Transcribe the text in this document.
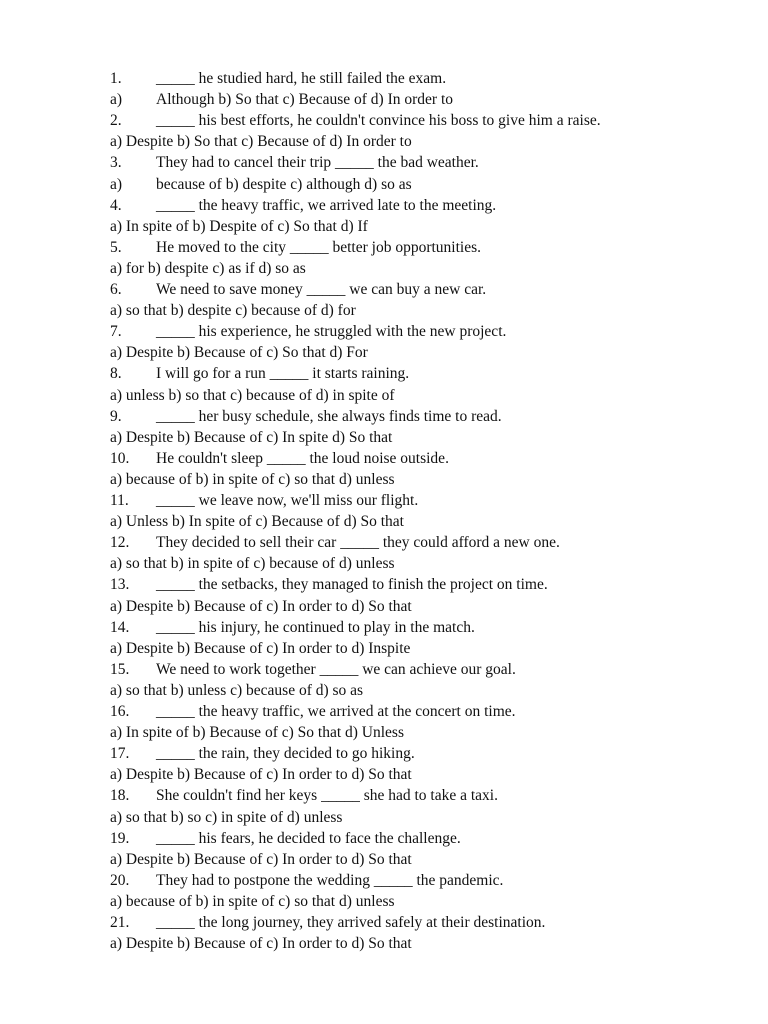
1. _____ he studied hard, he still failed the exam.
a) Although b) So that c) Because of d) In order to
2. _____ his best efforts, he couldn't convince his boss to give him a raise.
a) Despite b) So that c) Because of d) In order to
3. They had to cancel their trip _____ the bad weather.
a) because of b) despite c) although d) so as
4. _____ the heavy traffic, we arrived late to the meeting.
a) In spite of b) Despite of c) So that d) If
5. He moved to the city _____ better job opportunities.
a) for b) despite c) as if d) so as
6. We need to save money _____ we can buy a new car.
a) so that b) despite c) because of d) for
7. _____ his experience, he struggled with the new project.
a) Despite b) Because of c) So that d) For
8. I will go for a run _____ it starts raining.
a) unless b) so that c) because of d) in spite of
9. _____ her busy schedule, she always finds time to read.
a) Despite b) Because of c) In spite d) So that
10. He couldn't sleep _____ the loud noise outside.
a) because of b) in spite of c) so that d) unless
11. _____ we leave now, we'll miss our flight.
a) Unless b) In spite of c) Because of d) So that
12. They decided to sell their car _____ they could afford a new one.
a) so that b) in spite of c) because of d) unless
13. _____ the setbacks, they managed to finish the project on time.
a) Despite b) Because of c) In order to d) So that
14. _____ his injury, he continued to play in the match.
a) Despite b) Because of c) In order to d) Inspite
15. We need to work together _____ we can achieve our goal.
a) so that b) unless c) because of d) so as
16. _____ the heavy traffic, we arrived at the concert on time.
a) In spite of b) Because of c) So that d) Unless
17. _____ the rain, they decided to go hiking.
a) Despite b) Because of c) In order to d) So that
18. She couldn't find her keys _____ she had to take a taxi.
a) so that b) so c) in spite of d) unless
19. _____ his fears, he decided to face the challenge.
a) Despite b) Because of c) In order to d) So that
20. They had to postpone the wedding _____ the pandemic.
a) because of b) in spite of c) so that d) unless
21. _____ the long journey, they arrived safely at their destination.
a) Despite b) Because of c) In order to d) So that
